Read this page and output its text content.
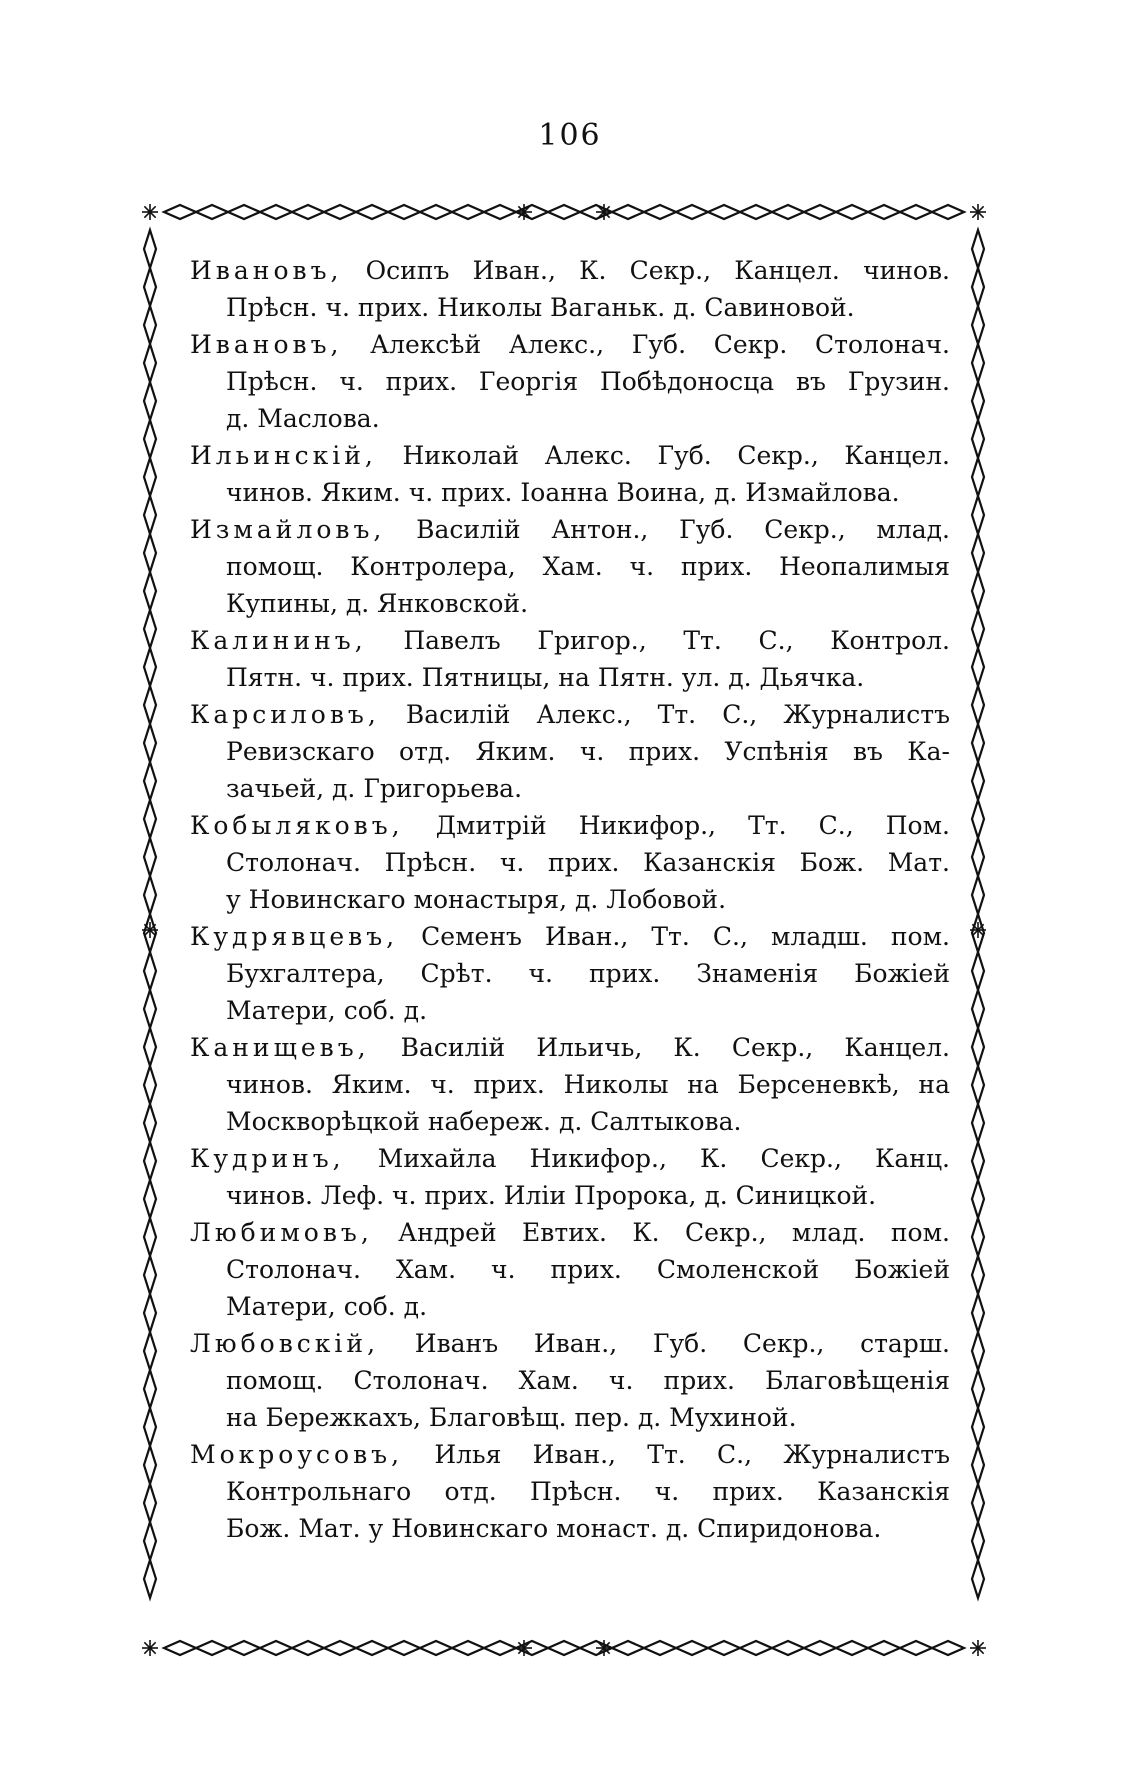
106
Ивановъ, Осипъ Иван., К. Секр., Канцел. чинов.
Прѣсн. ч. прих. Николы Ваганьк. д. Савиновой.
Ивановъ, Алексѣй Алекс., Губ. Секр. Столонач.
Прѣсн. ч. прих. Георгія Побѣдоносца въ Грузин.
д. Маслова.
Ильинскій, Николай Алекс. Губ. Секр., Канцел.
чинов. Яким. ч. прих. Іоанна Воина, д. Измайлова.
Измайловъ, Василій Антон., Губ. Секр., млад.
помощ. Контролера, Хам. ч. прих. Неопалимыя
Купины, д. Янковской.
Калининъ, Павелъ Григор., Тт. С., Контрол.
Пятн. ч. прих. Пятницы, на Пятн. ул. д. Дьячка.
Карсиловъ, Василій Алекс., Тт. С., Журналистъ
Ревизскаго отд. Яким. ч. прих. Успѣнія въ Ка-
зачьей, д. Григорьева.
Кобыляковъ, Дмитрій Никифор., Тт. С., Пом.
Столонач. Прѣсн. ч. прих. Казанскія Бож. Мат.
у Новинскаго монастыря, д. Лобовой.
Кудрявцевъ, Семенъ Иван., Тт. С., младш. пом.
Бухгалтера, Срѣт. ч. прих. Знаменія Божіей
Матери, соб. д.
Канищевъ, Василій Ильичь, К. Секр., Канцел.
чинов. Яким. ч. прих. Николы на Берсеневкѣ, на
Москворѣцкой набереж. д. Салтыкова.
Кудринъ, Михайла Никифор., К. Секр., Канц.
чинов. Леф. ч. прих. Иліи Пророка, д. Синицкой.
Любимовъ, Андрей Евтих. К. Секр., млад. пом.
Столонач. Хам. ч. прих. Смоленской Божіей
Матери, соб. д.
Любовскій, Иванъ Иван., Губ. Секр., старш.
помощ. Столонач. Хам. ч. прих. Благовѣщенія
на Бережкахъ, Благовѣщ. пер. д. Мухиной.
Мокроусовъ, Илья Иван., Тт. С., Журналистъ
Контрольнаго отд. Прѣсн. ч. прих. Казанскія
Бож. Мат. у Новинскаго монаст. д. Спиридонова.
